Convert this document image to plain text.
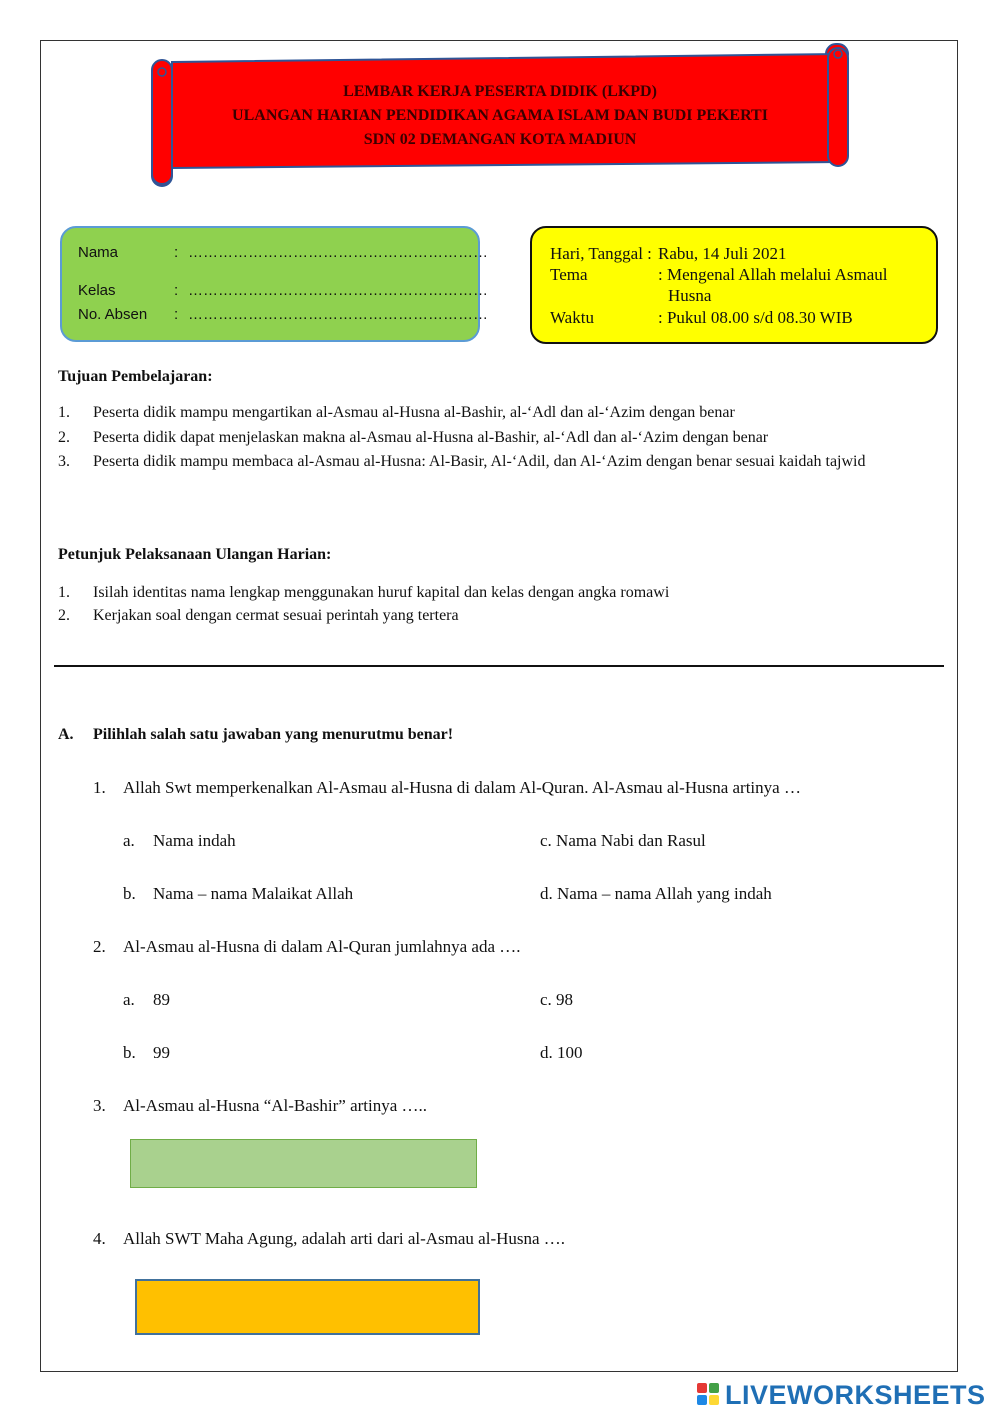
LEMBAR KERJA PESERTA DIDIK (LKPD)
ULANGAN HARIAN PENDIDIKAN AGAMA ISLAM DAN BUDI PEKERTI
SDN 02 DEMANGAN KOTA MADIUN
Nama	: ……………………………………………………
Kelas	: ……………………………………………………
No. Absen : ……………………………………………………
Hari, Tanggal : Rabu, 14 Juli 2021
Tema	: Mengenal Allah melalui Asmaul
Husna
Waktu	: Pukul 08.00 s/d 08.30 WIB
Tujuan Pembelajaran:
1.	Peserta didik mampu mengartikan al-Asmau al-Husna al-Bashir, al-‘Adl dan al-‘Azim dengan benar
2.	Peserta didik dapat menjelaskan makna al-Asmau al-Husna al-Bashir, al-‘Adl dan al-‘Azim dengan benar
3.	Peserta didik mampu membaca al-Asmau al-Husna: Al-Basir, Al-‘Adil, dan Al-‘Azim dengan benar sesuai kaidah tajwid
Petunjuk Pelaksanaan Ulangan Harian:
1.	Isilah identitas nama lengkap menggunakan huruf kapital dan kelas dengan angka romawi
2.	Kerjakan soal dengan cermat sesuai perintah yang tertera
A. Pilihlah salah satu jawaban yang menurutmu benar!
1. Allah Swt memperkenalkan Al-Asmau al-Husna di dalam Al-Quran. Al-Asmau al-Husna artinya …
a. Nama indah
b. Nama – nama Malaikat Allah
c. Nama Nabi dan Rasul
d. Nama – nama Allah yang indah
2. Al-Asmau al-Husna di dalam Al-Quran jumlahnya ada ….
a. 89
b. 99
c. 98
d. 100
3. Al-Asmau al-Husna “Al-Bashir” artinya …..
4. Allah SWT Maha Agung, adalah arti dari al-Asmau al-Husna ….
LIVEWORKSHEETS
